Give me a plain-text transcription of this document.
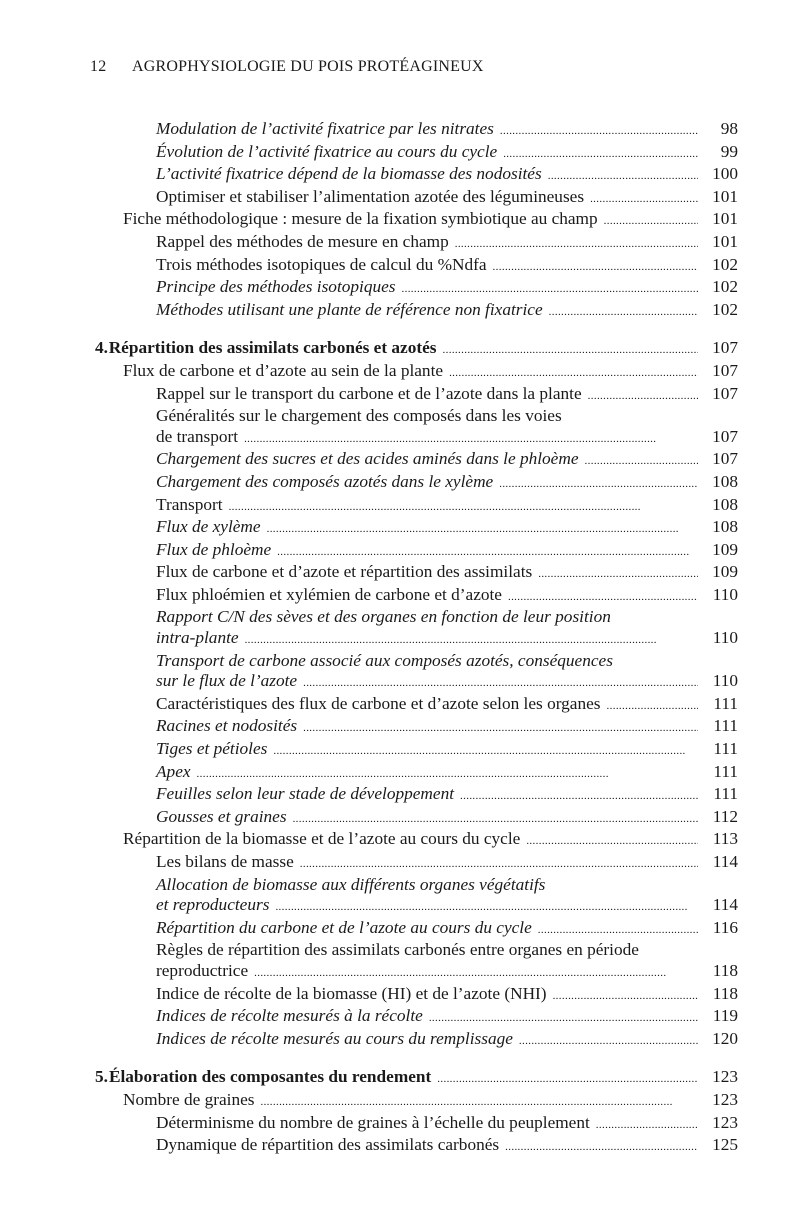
12 AGROPHYSIOLOGIE DU POIS PROTÉAGINEUX
Modulation de l’activité fixatrice par les nitrates . . .	98
Évolution de l’activité fixatrice au cours du cycle . . .	99
L’activité fixatrice dépend de la biomasse des nodosités . . .	100
Optimiser et stabiliser l’alimentation azotée des légumineuses . . .	101
Fiche méthodologique : mesure de la fixation symbiotique au champ . . .	101
Rappel des méthodes de mesure en champ . . .	101
Trois méthodes isotopiques de calcul du %Ndfa . . .	102
Principe des méthodes isotopiques . . .	102
Méthodes utilisant une plante de référence non fixatrice . . .	102
4. Répartition des assimilats carbonés et azotés . . .	107
Flux de carbone et d’azote au sein de la plante . . .	107
Rappel sur le transport du carbone et de l’azote dans la plante . . .	107
Généralités sur le chargement des composés dans les voies
de transport . . .	107
Chargement des sucres et des acides aminés dans le phloème . . .	107
Chargement des composés azotés dans le xylème . . .	108
Transport . . .	108
Flux de xylème . . .	108
Flux de phloème . . .	109
Flux de carbone et d’azote et répartition des assimilats . . .	109
Flux phloémien et xylémien de carbone et d’azote . . .	110
Rapport C/N des sèves et des organes en fonction de leur position
intra-plante . . .	110
Transport de carbone associé aux composés azotés, conséquences
sur le flux de l’azote . . .	110
Caractéristiques des flux de carbone et d’azote selon les organes . . .	111
Racines et nodosités . . .	111
Tiges et pétioles . . .	111
Apex . . .	111
Feuilles selon leur stade de développement . . .	111
Gousses et graines . . .	112
Répartition de la biomasse et de l’azote au cours du cycle . . .	113
Les bilans de masse . . .	114
Allocation de biomasse aux différents organes végétatifs
et reproducteurs . . .	114
Répartition du carbone et de l’azote au cours du cycle . . .	116
Règles de répartition des assimilats carbonés entre organes en période
reproductrice . . .	118
Indice de récolte de la biomasse (HI) et de l’azote (NHI) . . .	118
Indices de récolte mesurés à la récolte . . .	119
Indices de récolte mesurés au cours du remplissage . . .	120
5. Élaboration des composantes du rendement . . .	123
Nombre de graines . . .	123
Déterminisme du nombre de graines à l’échelle du peuplement . . .	123
Dynamique de répartition des assimilats carbonés . . .	125
